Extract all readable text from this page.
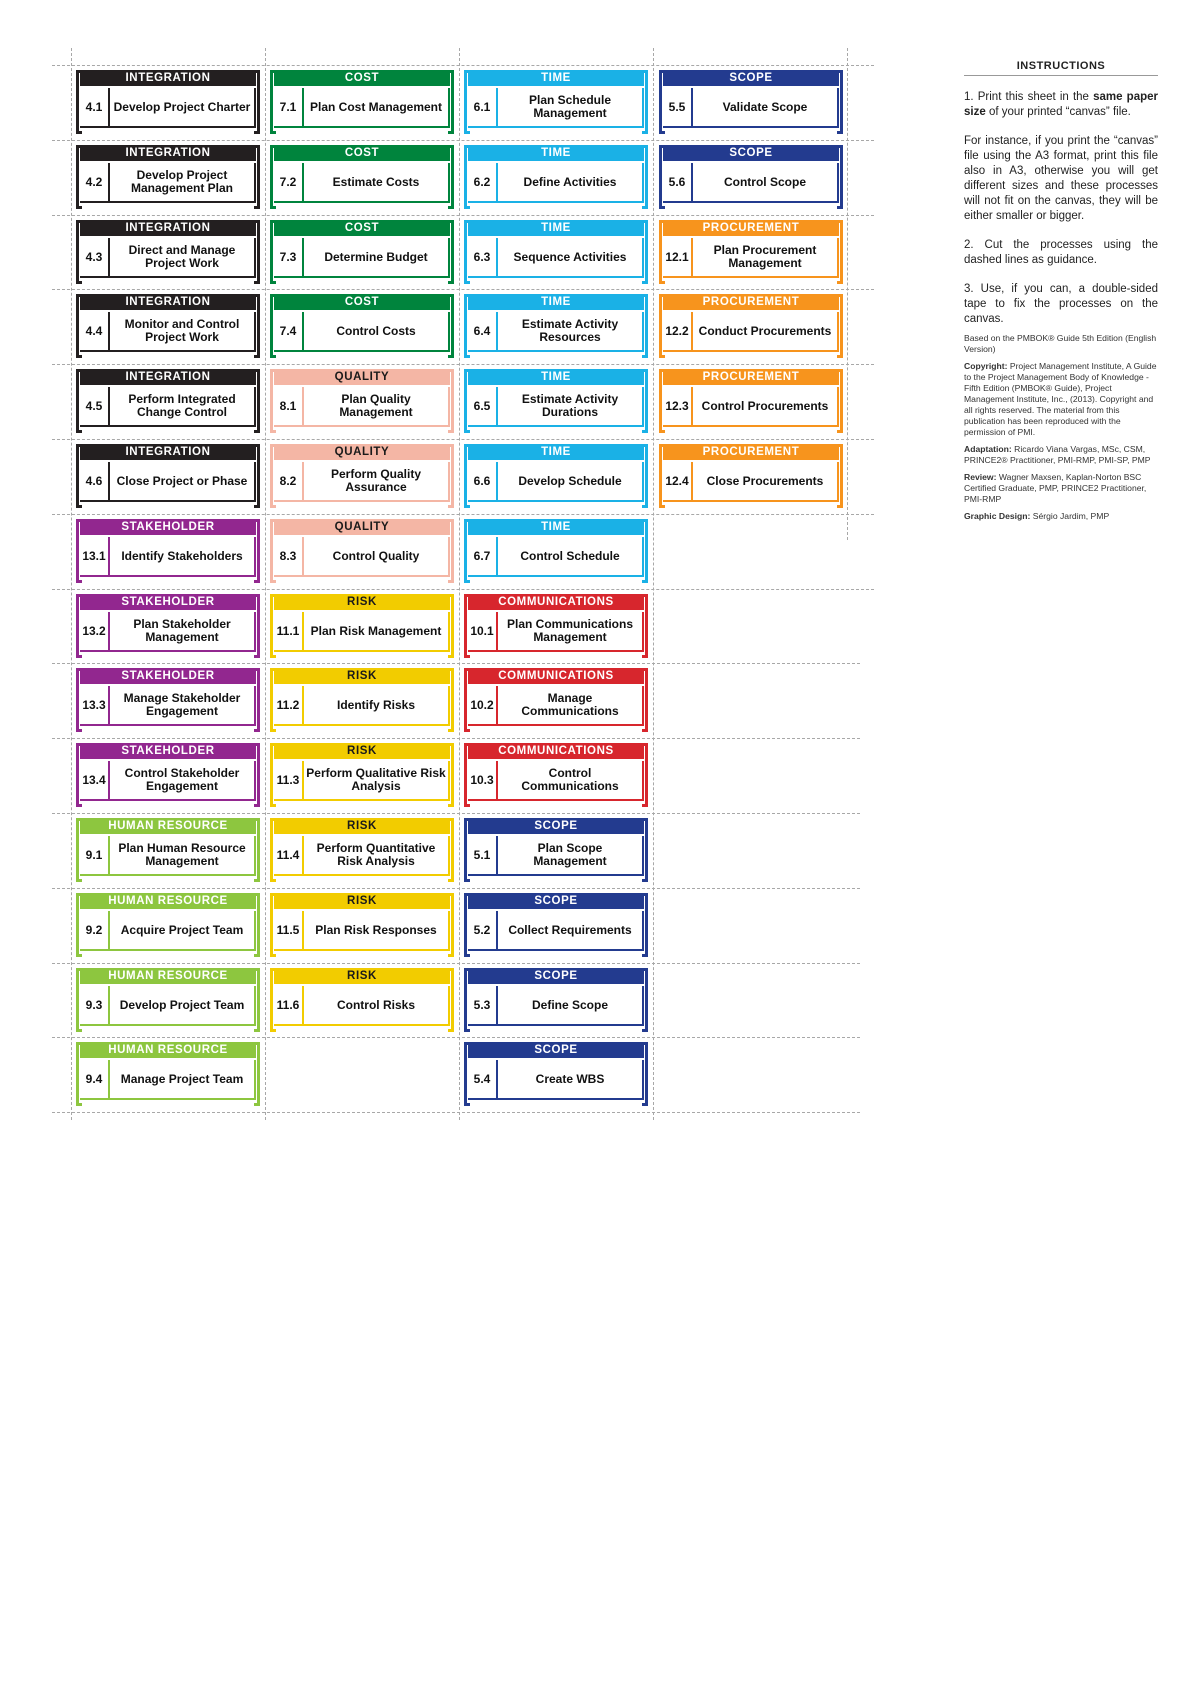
INTEGRATION
4.1 Develop Project Charter
INTEGRATION
4.2	Develop Project Management Plan
INTEGRATION
4.3	Direct and Manage Project Work
INTEGRATION
4.4	Monitor and Control Project Work
INTEGRATION
4.5	Perform Integrated Change Control
INTEGRATION
4.6	Close Project or Phase
STAKEHOLDER
13.1	Identify Stakeholders
STAKEHOLDER
13.2	Plan Stakeholder Management
STAKEHOLDER
13.3	Manage Stakeholder Engagement
STAKEHOLDER
13.4	Control Stakeholder Engagement
HUMAN RESOURCE
9.1	Plan Human Resource Management
HUMAN RESOURCE
9.2	Acquire Project Team
HUMAN RESOURCE
9.3	Develop Project Team
HUMAN RESOURCE
9.4	Manage Project Team
COST
7.1	Plan Cost Management
COST
7.2	Estimate Costs
COST
7.3	Determine Budget
COST
7.4	Control Costs
QUALITY
8.1	Plan Quality Management
QUALITY
8.2	Perform Quality Assurance
QUALITY
8.3	Control Quality
RISK
11.1 Plan Risk Management
RISK
11.2	Identify Risks
RISK
11.3 Perform Qualitative Risk Analysis
RISK
11.4	Perform Quantitative Risk Analysis
RISK
11.5	Plan Risk Responses
RISK
11.6	Control Risks
TIME
6.1	Plan Schedule Management
TIME
6.2	Define Activities
TIME
6.3	Sequence Activities
TIME
6.4	Estimate Activity Resources
TIME
6.5	Estimate Activity Durations
TIME
6.6	Develop Schedule
TIME
6.7	Control Schedule
COMMUNICATIONS
10.1	Plan Communications Management
COMMUNICATIONS
10.2	Manage Communications
COMMUNICATIONS
10.3	Control Communications
SCOPE
5.1	Plan Scope Management
SCOPE
5.2	Collect Requirements
SCOPE
5.3	Define Scope
SCOPE
5.4	Create WBS
SCOPE
5.5	Validate Scope
SCOPE
5.6	Control Scope
PROCUREMENT
12.1	Plan Procurement Management
PROCUREMENT
12.2 Conduct Procurements
PROCUREMENT
12.3	Control Procurements
PROCUREMENT
12.4	Close Procurements
INSTRUCTIONS

1. Print this sheet in the same paper size of your printed “canvas” file.

For instance, if you print the “canvas” file using the A3 format, print this file also in A3, otherwise you will get different sizes and these processes will not fit on the canvas, they will be either smaller or bigger.

2. Cut the processes using the dashed lines as guidance.

3. Use, if you can, a double-sided tape to fix the processes on the canvas.

Based on the PMBOK® Guide 5th Edition (English Version)

Copyright: Project Management Institute, A Guide to the Project Management Body of Knowledge - Fifth Edition (PMBOK® Guide), Project Management Institute, Inc., (2013). Copyright and all rights reserved. The material from this publication has been reproduced with the permission of PMI.

Adaptation: Ricardo Viana Vargas, MSc, CSM, PRINCE2® Practitioner, PMI-RMP, PMI-SP, PMP

Review: Wagner Maxsen, Kaplan-Norton BSC Certified Graduate, PMP, PRINCE2 Practitioner, PMI-RMP

Graphic Design: Sérgio Jardim, PMP
